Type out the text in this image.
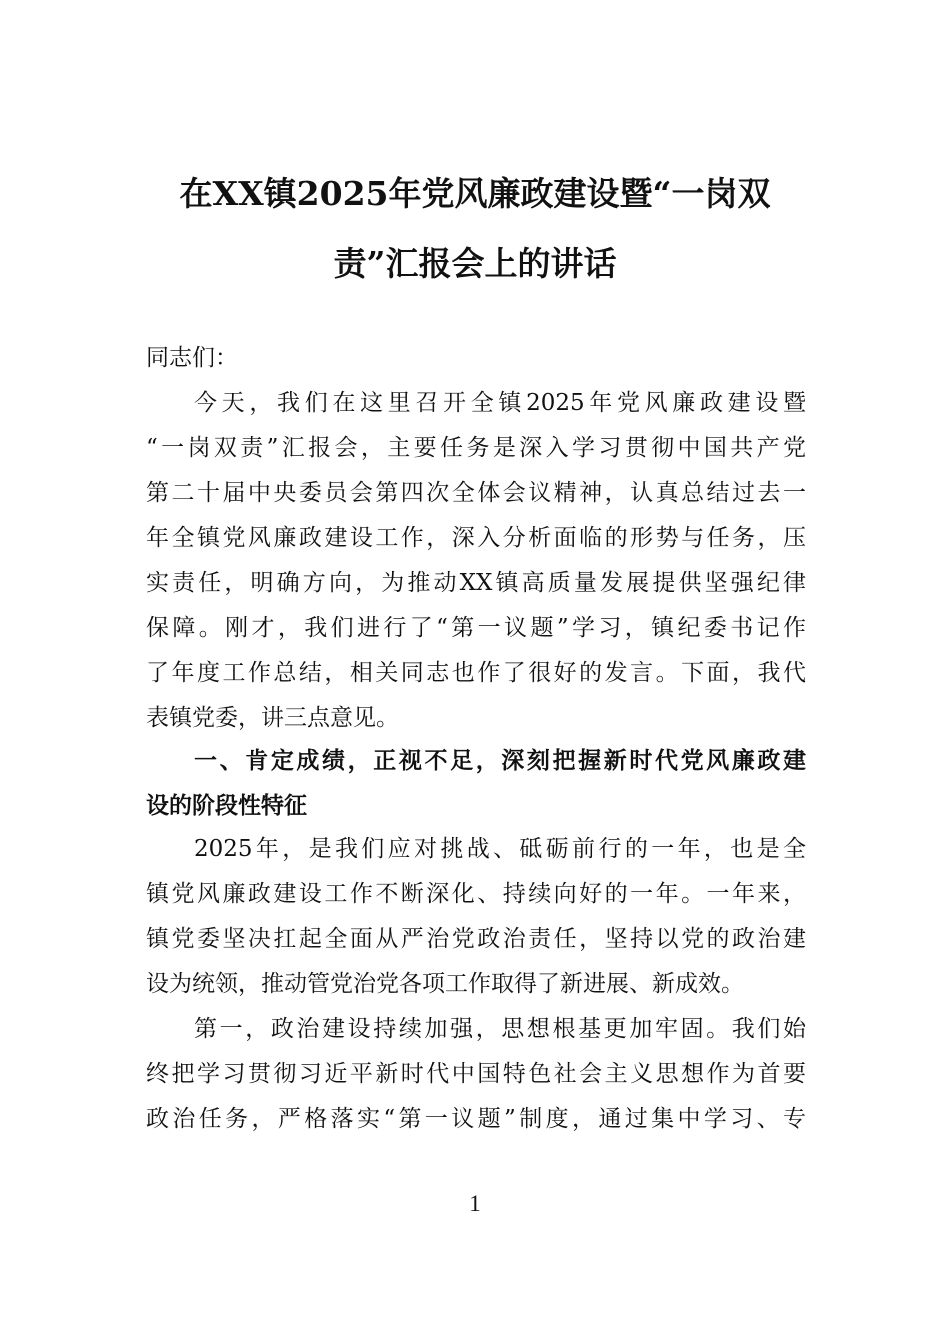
在XX镇2025年党风廉政建设暨“一岗双
责”汇报会上的讲话
同志们：
今天，我们在这里召开全镇2025年党风廉政建设暨
“一岗双责”汇报会，主要任务是深入学习贯彻中国共产党
第二十届中央委员会第四次全体会议精神，认真总结过去一
年全镇党风廉政建设工作，深入分析面临的形势与任务，压
实责任，明确方向，为推动XX镇高质量发展提供坚强纪律
保障。刚才，我们进行了“第一议题”学习，镇纪委书记作
了年度工作总结，相关同志也作了很好的发言。下面，我代
表镇党委，讲三点意见。
一、肯定成绩，正视不足，深刻把握新时代党风廉政建
设的阶段性特征
2025年，是我们应对挑战、砥砺前行的一年，也是全
镇党风廉政建设工作不断深化、持续向好的一年。一年来，
镇党委坚决扛起全面从严治党政治责任，坚持以党的政治建
设为统领，推动管党治党各项工作取得了新进展、新成效。
第一，政治建设持续加强，思想根基更加牢固。我们始
终把学习贯彻习近平新时代中国特色社会主义思想作为首要
政治任务，严格落实“第一议题”制度，通过集中学习、专
1
